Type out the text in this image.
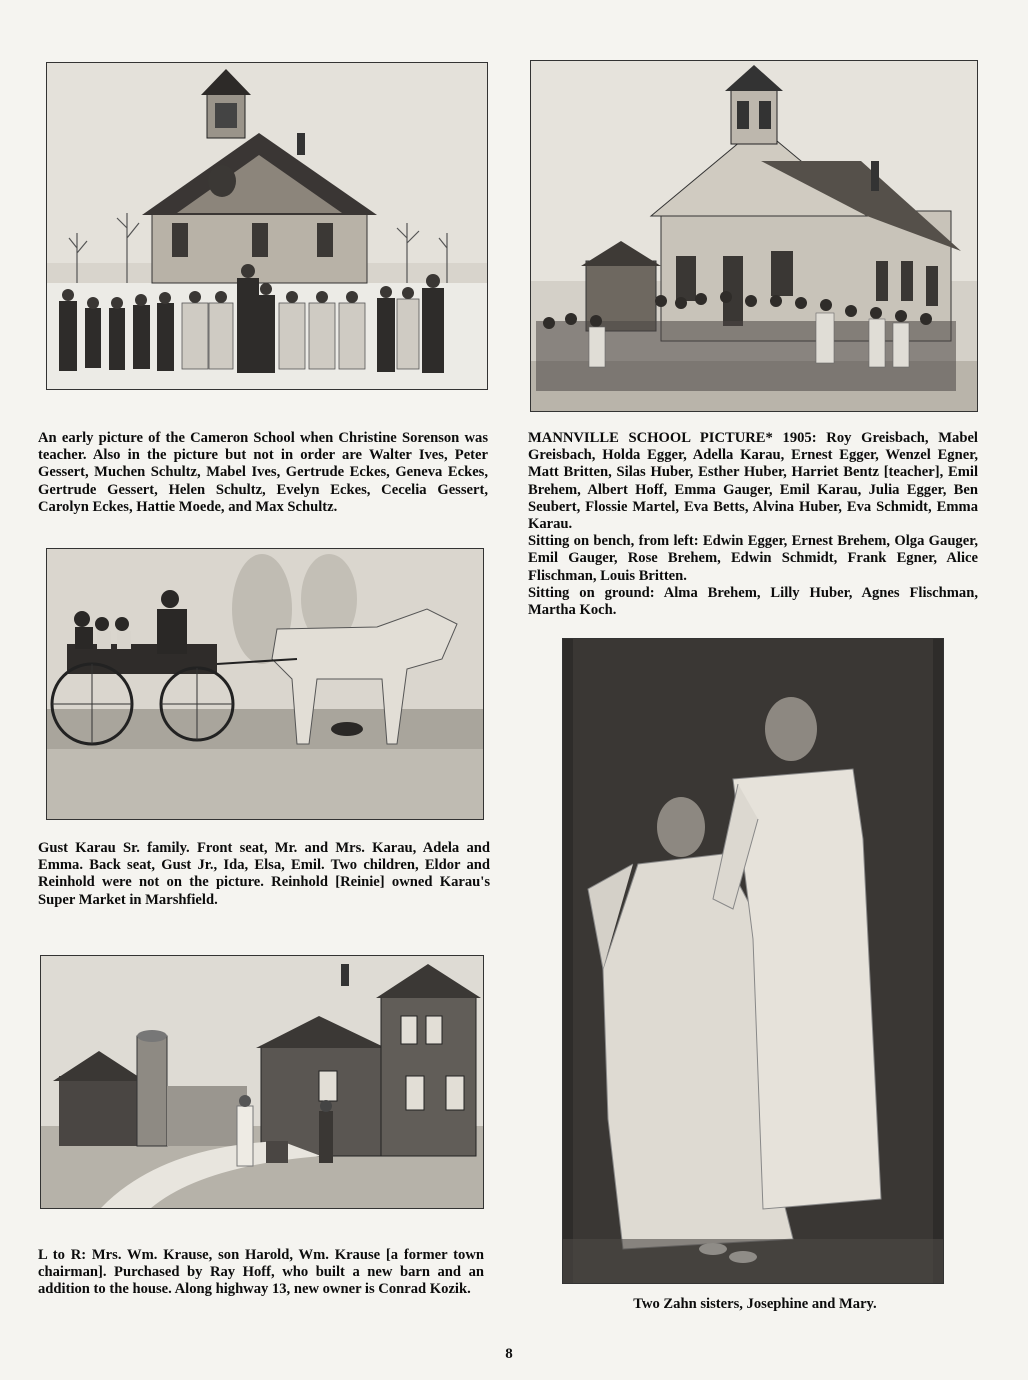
An early picture of the Cameron School when Christine Sorenson was teacher. Also in the picture but not in order are Walter Ives, Peter Gessert, Muchen Schultz, Mabel Ives, Gertrude Eckes, Geneva Eckes, Gertrude Gessert, Helen Schultz, Evelyn Eckes, Cecelia Gessert, Carolyn Eckes, Hattie Moede, and Max Schultz.

MANNVILLE SCHOOL PICTURE* 1905: Roy Greisbach, Mabel Greisbach, Holda Egger, Adella Karau, Ernest Egger, Wenzel Egner, Matt Britten, Silas Huber, Esther Huber, Harriet Bentz [teacher], Emil Brehem, Albert Hoff, Emma Gauger, Emil Karau, Julia Egger, Ben Seubert, Flossie Martel, Eva Betts, Alvina Huber, Eva Schmidt, Emma Karau.

Sitting on bench, from left: Edwin Egger, Ernest Brehem, Olga Gauger, Emil Gauger, Rose Brehem, Edwin Schmidt, Frank Egner, Alice Flischman, Louis Britten.

Sitting on ground: Alma Brehem, Lilly Huber, Agnes Flischman, Martha Koch.

Gust Karau Sr. family. Front seat, Mr. and Mrs. Karau, Adela and Emma. Back seat, Gust Jr., Ida, Elsa, Emil. Two children, Eldor and Reinhold were not on the picture. Reinhold [Reinie] owned Karau's Super Market in Marshfield.
L to R: Mrs. Wm. Krause, son Harold, Wm. Krause [a former town chairman]. Purchased by Ray Hoff, who built a new barn and an addition to the house. Along highway 13, new owner is Conrad Kozik.
Two Zahn sisters, Josephine and Mary.
8
